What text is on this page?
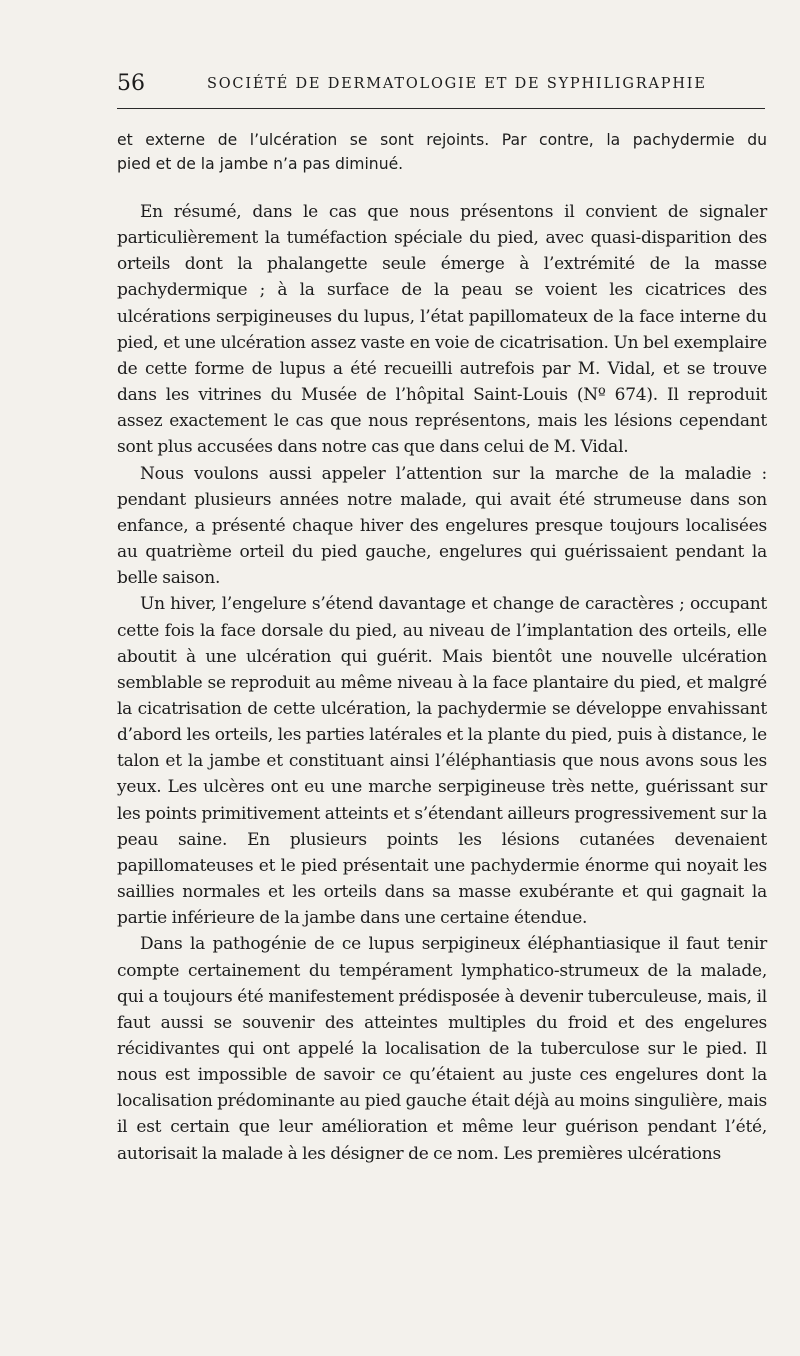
56	SOCIÉTÉ DE DERMATOLOGIE ET DE SYPHILIGRAPHIE
et externe de l’ulcération se sont rejoints. Par contre, la pachydermie du
pied et de la jambe n’a pas diminué.

En résumé, dans le cas que nous présentons il convient de signaler particulièrement la tuméfaction spéciale du pied, avec quasi-disparition des orteils dont la phalangette seule émerge à l’extrémité de la masse pachydermique ; à la surface de la peau se voient les cicatrices des ulcérations serpigineuses du lupus, l’état papillomateux de la face interne du pied, et une ulcération assez vaste en voie de cicatrisation. Un bel exemplaire de cette forme de lupus a été recueilli autrefois par M. Vidal, et se trouve dans les vitrines du Musée de l’hôpital Saint-Louis (Nº 674). Il reproduit assez exactement le cas que nous représentons, mais les lésions cependant sont plus accusées dans notre cas que dans celui de M. Vidal.

Nous voulons aussi appeler l’attention sur la marche de la maladie : pendant plusieurs années notre malade, qui avait été strumeuse dans son enfance, a présenté chaque hiver des engelures presque toujours localisées au quatrième orteil du pied gauche, engelures qui guérissaient pendant la belle saison.

Un hiver, l’engelure s’étend davantage et change de caractères ; occupant cette fois la face dorsale du pied, au niveau de l’implantation des orteils, elle aboutit à une ulcération qui guérit. Mais bientôt une nouvelle ulcération semblable se reproduit au même niveau à la face plantaire du pied, et malgré la cicatrisation de cette ulcération, la pachydermie se développe envahissant d’abord les orteils, les parties latérales et la plante du pied, puis à distance, le talon et la jambe et constituant ainsi l’éléphantiasis que nous avons sous les yeux. Les ulcères ont eu une marche serpigineuse très nette, guérissant sur les points primitivement atteints et s’étendant ailleurs progressivement sur la peau saine. En plusieurs points les lésions cutanées devenaient papillomateuses et le pied présentait une pachydermie énorme qui noyait les saillies normales et les orteils dans sa masse exubérante et qui gagnait la partie inférieure de la jambe dans une certaine étendue.

Dans la pathogénie de ce lupus serpigineux éléphantiasique il faut tenir compte certainement du tempérament lymphatico-strumeux de la malade, qui a toujours été manifestement prédisposée à devenir tuberculeuse, mais, il faut aussi se souvenir des atteintes multiples du froid et des engelures récidivantes qui ont appelé la localisation de la tuberculose sur le pied. Il nous est impossible de savoir ce qu’étaient au juste ces engelures dont la localisation prédominante au pied gauche était déjà au moins singulière, mais il est certain que leur amélioration et même leur guérison pendant l’été, autorisait la malade à les désigner de ce nom. Les premières ulcérations
